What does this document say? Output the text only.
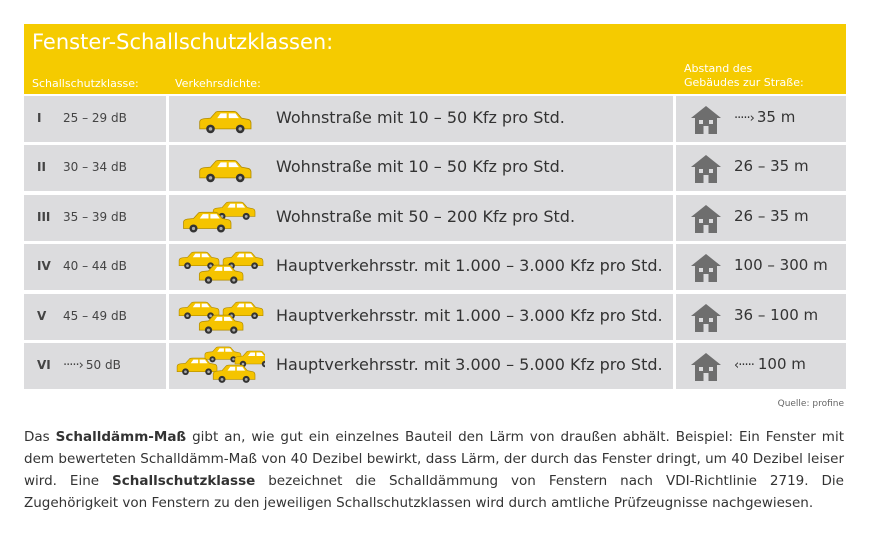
Fenster-Schallschutzklassen:
Schallschutzklasse:	Verkehrsdichte:
Abstand des
Gebäudes zur Straße:
I 25 – 29 dB	Wohnstraße mit 10 – 50 Kfz pro Std.	·····› 35 m
II 30 – 34 dB	Wohnstraße mit 10 – 50 Kfz pro Std.	26 – 35 m
III 35 – 39 dB	Wohnstraße mit 50 – 200 Kfz pro Std.	26 – 35 m
IV 40 – 44 dB	Hauptverkehrsstr. mit 1.000 – 3.000 Kfz pro Std.	100 – 300 m
V 45 – 49 dB	Hauptverkehrsstr. mit 1.000 – 3.000 Kfz pro Std.	36 – 100 m
VI ·····› 50 dB	Hauptverkehrsstr. mit 3.000 – 5.000 Kfz pro Std.	‹····· 100 m
Quelle: profine
Das Schalldämm-Maß gibt an, wie gut ein einzelnes Bauteil den Lärm von draußen abhält. Beispiel: Ein Fenster mit dem bewerteten Schalldämm-Maß von 40 Dezibel bewirkt, dass Lärm, der durch das Fenster dringt, um 40 Dezibel leiser wird. Eine Schallschutzklasse bezeichnet die Schalldämmung von Fenstern nach VDI-Richtlinie 2719. Die Zugehörigkeit von Fenstern zu den jeweiligen Schallschutzklassen wird durch amtliche Prüfzeugnisse nachgewiesen.
